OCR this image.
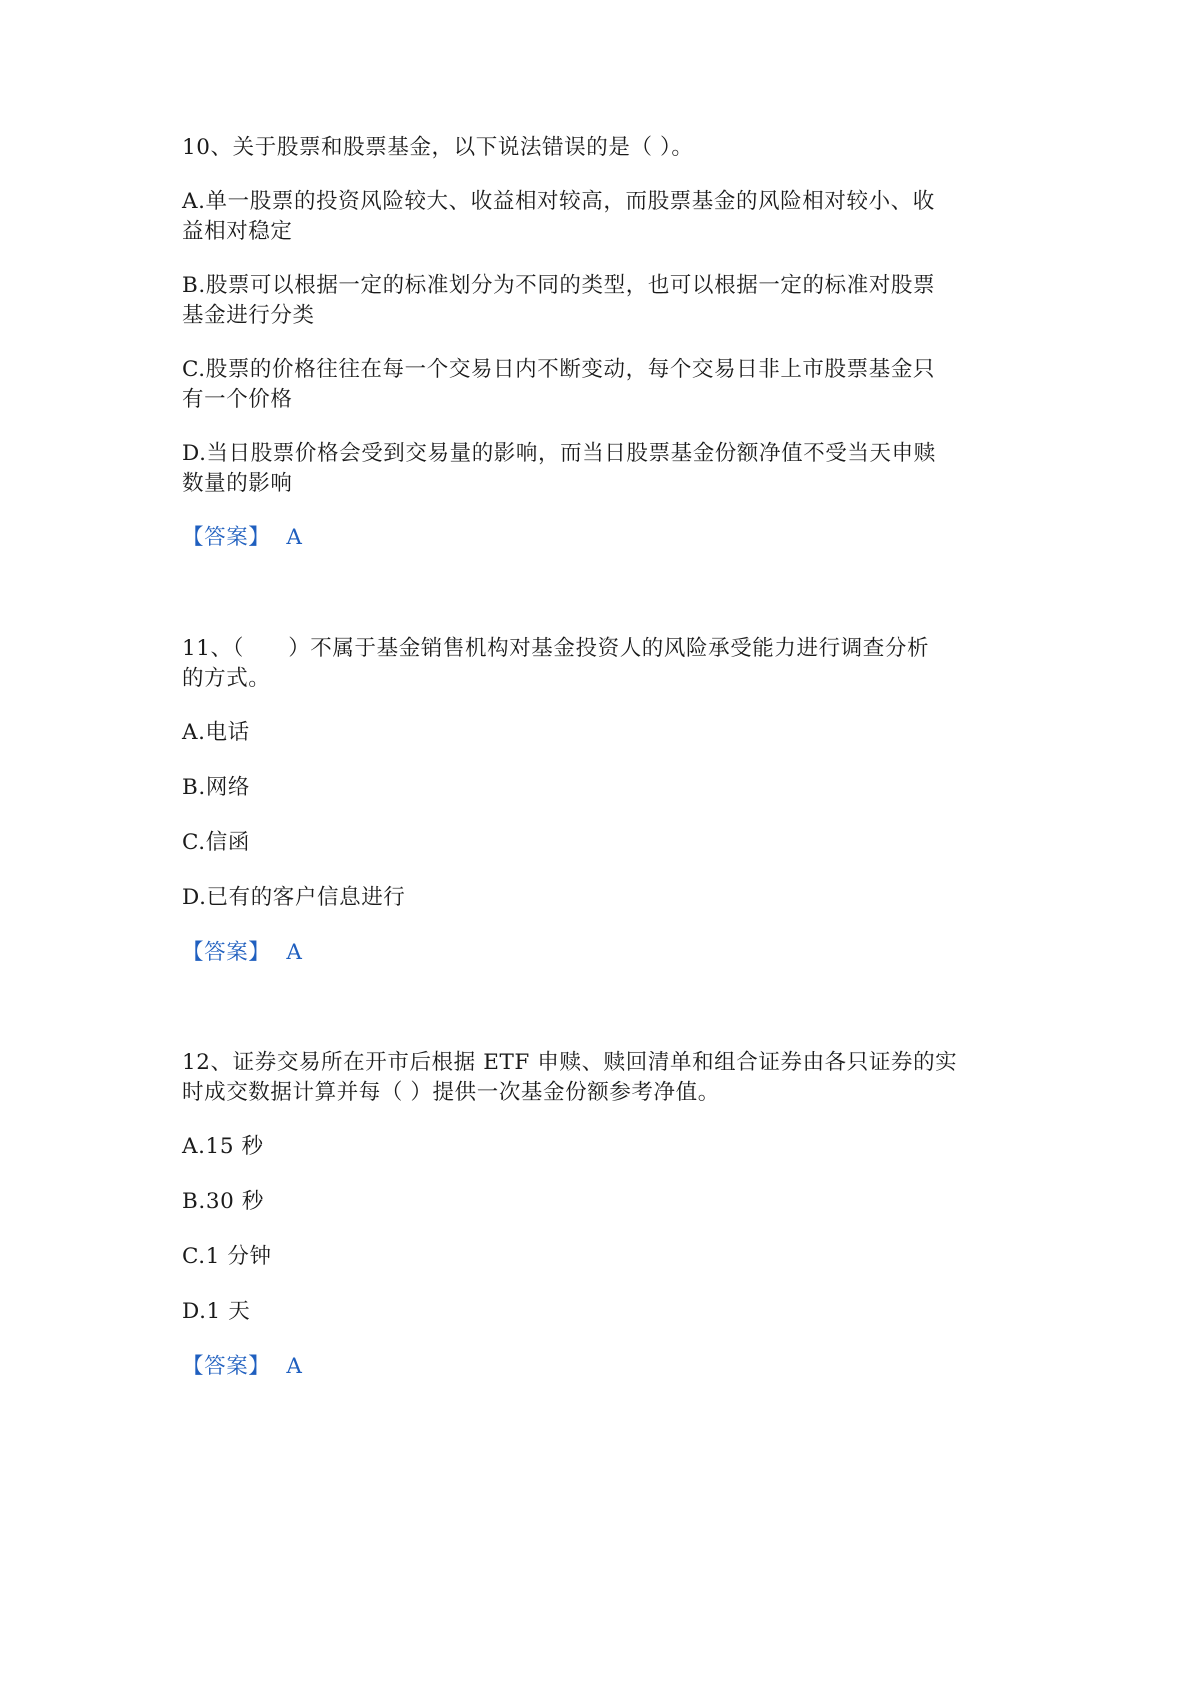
10、关于股票和股票基金，以下说法错误的是（ ）。
A.单一股票的投资风险较大、收益相对较高，而股票基金的风险相对较小、收
益相对稳定
B.股票可以根据一定的标准划分为不同的类型，也可以根据一定的标准对股票
基金进行分类
C.股票的价格往往在每一个交易日内不断变动，每个交易日非上市股票基金只
有一个价格
D.当日股票价格会受到交易量的影响，而当日股票基金份额净值不受当天申赎
数量的影响
【答案】 A
11、（　　）不属于基金销售机构对基金投资人的风险承受能力进行调查分析
的方式。
A.电话
B.网络
C.信函
D.已有的客户信息进行
【答案】 A
12、证券交易所在开市后根据 ETF 申赎、赎回清单和组合证券由各只证券的实
时成交数据计算并每（ ）提供一次基金份额参考净值。
A.15 秒
B.30 秒
C.1 分钟
D.1 天
【答案】 A
